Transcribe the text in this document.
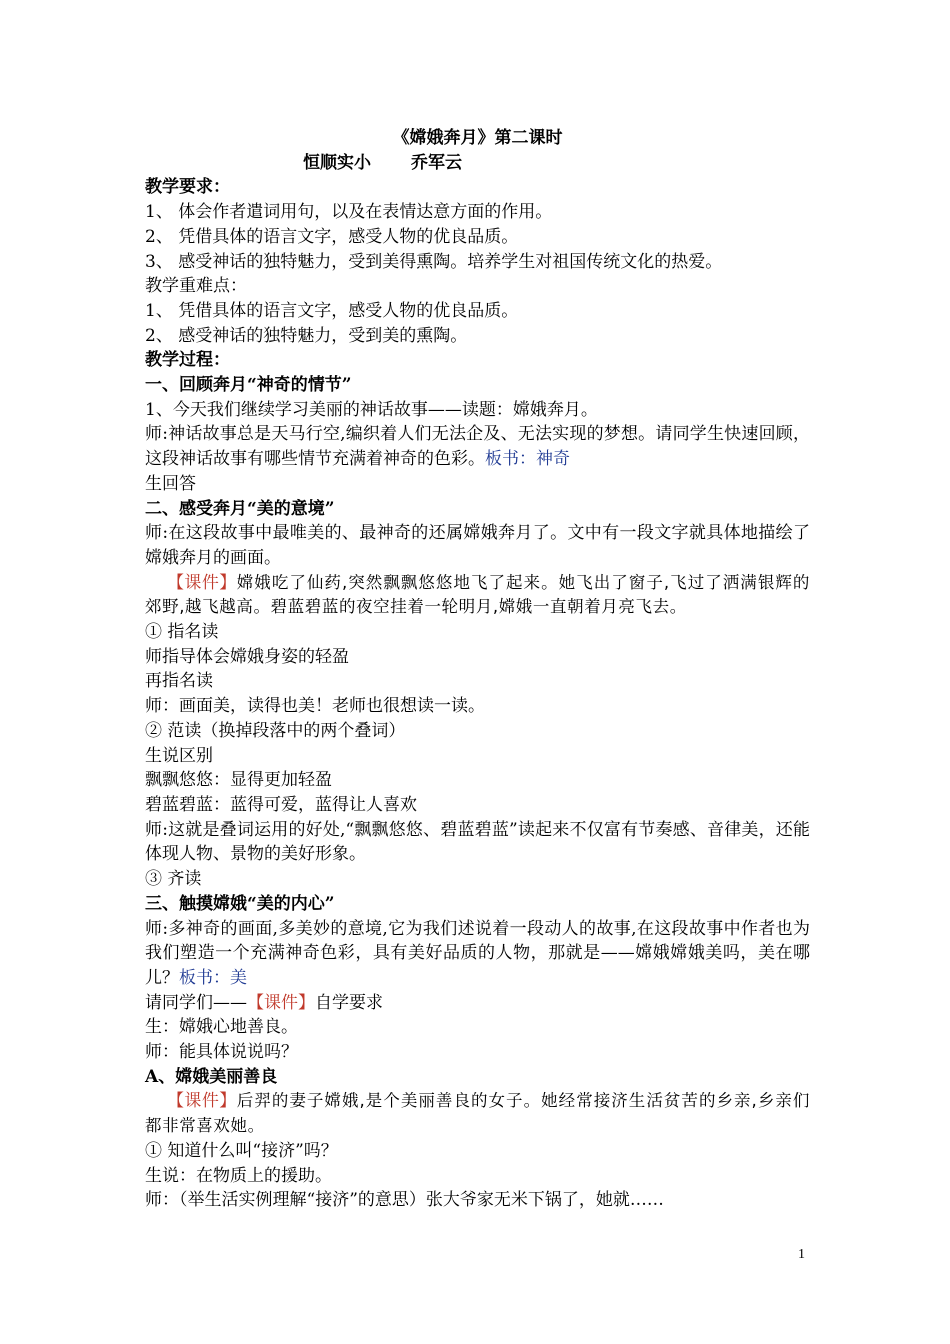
《嫦娥奔月》第二课时
恒顺实小 乔军云
教学要求：
1、 体会作者遣词用句，以及在表情达意方面的作用。
2、 凭借具体的语言文字，感受人物的优良品质。
3、 感受神话的独特魅力，受到美得熏陶。培养学生对祖国传统文化的热爱。
教学重难点：
1、 凭借具体的语言文字，感受人物的优良品质。
2、 感受神话的独特魅力，受到美的熏陶。
教学过程：
一、回顾奔月“神奇的情节”
1、今天我们继续学习美丽的神话故事——读题：嫦娥奔月。
师:神话故事总是天马行空,编织着人们无法企及、无法实现的梦想。请同学生快速回顾，这段神话故事有哪些情节充满着神奇的色彩。板书：神奇
生回答
二、感受奔月“美的意境”
师:在这段故事中最唯美的、最神奇的还属嫦娥奔月了。文中有一段文字就具体地描绘了嫦娥奔月的画面。
【课件】嫦娥吃了仙药,突然飘飘悠悠地飞了起来。她飞出了窗子,飞过了洒满银辉的郊野,越飞越高。碧蓝碧蓝的夜空挂着一轮明月,嫦娥一直朝着月亮飞去。
① 指名读
师指导体会嫦娥身姿的轻盈
再指名读
师：画面美，读得也美！老师也很想读一读。
② 范读（换掉段落中的两个叠词）
生说区别
飘飘悠悠：显得更加轻盈
碧蓝碧蓝：蓝得可爱，蓝得让人喜欢
师:这就是叠词运用的好处,“飘飘悠悠、碧蓝碧蓝”读起来不仅富有节奏感、音律美，还能体现人物、景物的美好形象。
③ 齐读
三、触摸嫦娥“美的内心”
师:多神奇的画面,多美妙的意境,它为我们述说着一段动人的故事,在这段故事中作者也为我们塑造一个充满神奇色彩，具有美好品质的人物，那就是——嫦娥嫦娥美吗，美在哪儿？板书：美
请同学们——【课件】自学要求
生：嫦娥心地善良。
师：能具体说说吗？
A、嫦娥美丽善良
【课件】后羿的妻子嫦娥,是个美丽善良的女子。她经常接济生活贫苦的乡亲,乡亲们都非常喜欢她。
① 知道什么叫“接济”吗？
生说：在物质上的援助。
师：（举生活实例理解“接济”的意思）张大爷家无米下锅了，她就……
1
